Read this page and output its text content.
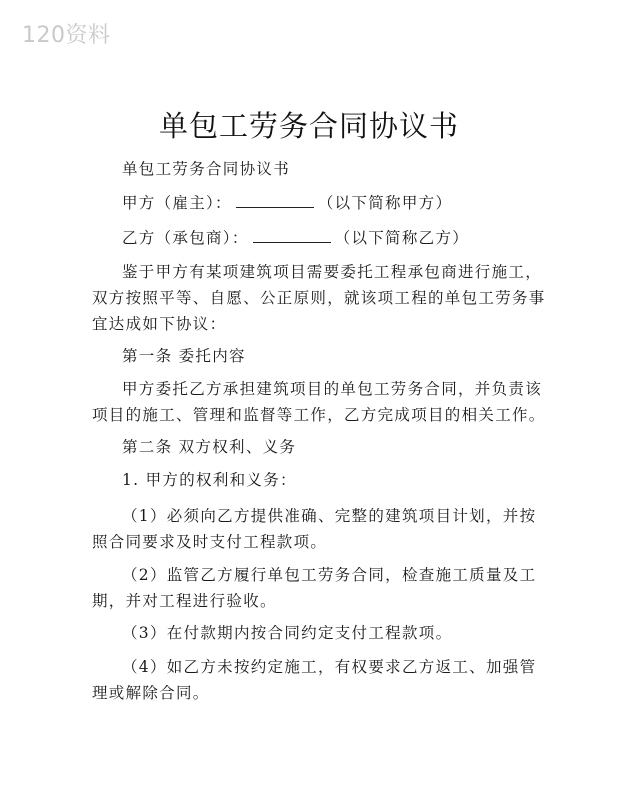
120资料
单包工劳务合同协议书
单包工劳务合同协议书
甲方（雇主）：	（以下简称甲方）
乙方（承包商）：	（以下简称乙方）
鉴于甲方有某项建筑项目需要委托工程承包商进行施工，
双方按照平等、自愿、公正原则，就该项工程的单包工劳务事
宜达成如下协议：
第一条 委托内容
甲方委托乙方承担建筑项目的单包工劳务合同，并负责该
项目的施工、管理和监督等工作，乙方完成项目的相关工作。
第二条 双方权利、义务
1. 甲方的权利和义务：
（1）必须向乙方提供准确、完整的建筑项目计划，并按
照合同要求及时支付工程款项。
（2）监管乙方履行单包工劳务合同，检查施工质量及工
期，并对工程进行验收。
（3）在付款期内按合同约定支付工程款项。
（4）如乙方未按约定施工，有权要求乙方返工、加强管
理或解除合同。
